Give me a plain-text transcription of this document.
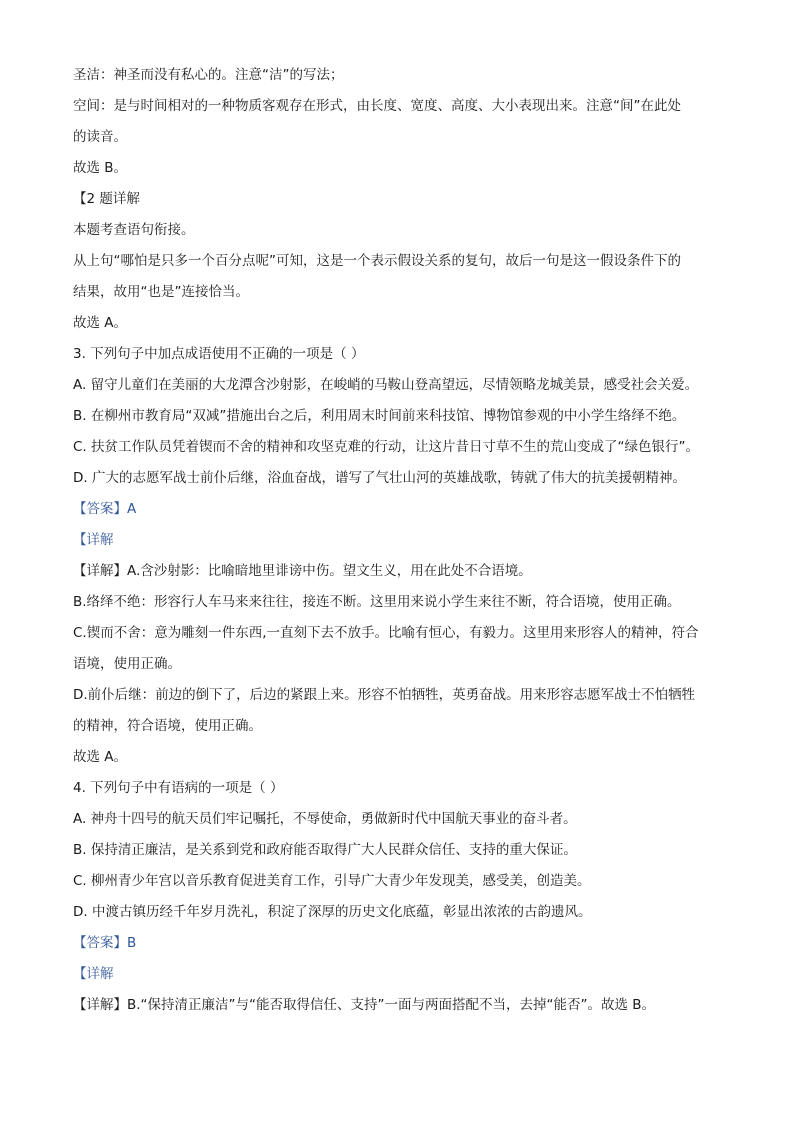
圣洁：神圣而没有私心的。注意“洁”的写法；
空间：是与时间相对的一种物质客观存在形式，由长度、宽度、高度、大小表现出来。注意“间”在此处
的读音。
故选 B。
【2 题详解
本题考查语句衔接。
从上句“哪怕是只多一个百分点呢”可知，这是一个表示假设关系的复句，故后一句是这一假设条件下的
结果，故用“也是”连接恰当。
故选 A。
3. 下列句子中加点成语使用不正确的一项是（ ）
A. 留守儿童们在美丽的大龙潭含沙射影，在峻峭的马鞍山登高望远，尽情领略龙城美景，感受社会关爱。
B. 在柳州市教育局“双减”措施出台之后，利用周末时间前来科技馆、博物馆参观的中小学生络绎不绝。
C. 扶贫工作队员凭着锲而不舍的精神和攻坚克难的行动，让这片昔日寸草不生的荒山变成了“绿色银行”。
D. 广大的志愿军战士前仆后继，浴血奋战，谱写了气壮山河的英雄战歌，铸就了伟大的抗美援朝精神。
【答案】A
【详解
【详解】A.含沙射影：比喻暗地里诽谤中伤。望文生义，用在此处不合语境。
B.络绎不绝：形容行人车马来来往往，接连不断。这里用来说小学生来往不断，符合语境，使用正确。
C.锲而不舍：意为雕刻一件东西,一直刻下去不放手。比喻有恒心，有毅力。这里用来形容人的精神，符合
语境，使用正确。
D.前仆后继：前边的倒下了，后边的紧跟上来。形容不怕牺牲，英勇奋战。用来形容志愿军战士不怕牺牲
的精神，符合语境，使用正确。
故选 A。
4. 下列句子中有语病的一项是（ ）
A. 神舟十四号的航天员们牢记嘱托，不辱使命，勇做新时代中国航天事业的奋斗者。
B. 保持清正廉洁，是关系到党和政府能否取得广大人民群众信任、支持的重大保证。
C. 柳州青少年宫以音乐教育促进美育工作，引导广大青少年发现美，感受美，创造美。
D. 中渡古镇历经千年岁月洗礼，积淀了深厚的历史文化底蕴，彰显出浓浓的古韵遗风。
【答案】B
【详解
【详解】B.“保持清正廉洁”与“能否取得信任、支持”一面与两面搭配不当，去掉“能否”。故选 B。
